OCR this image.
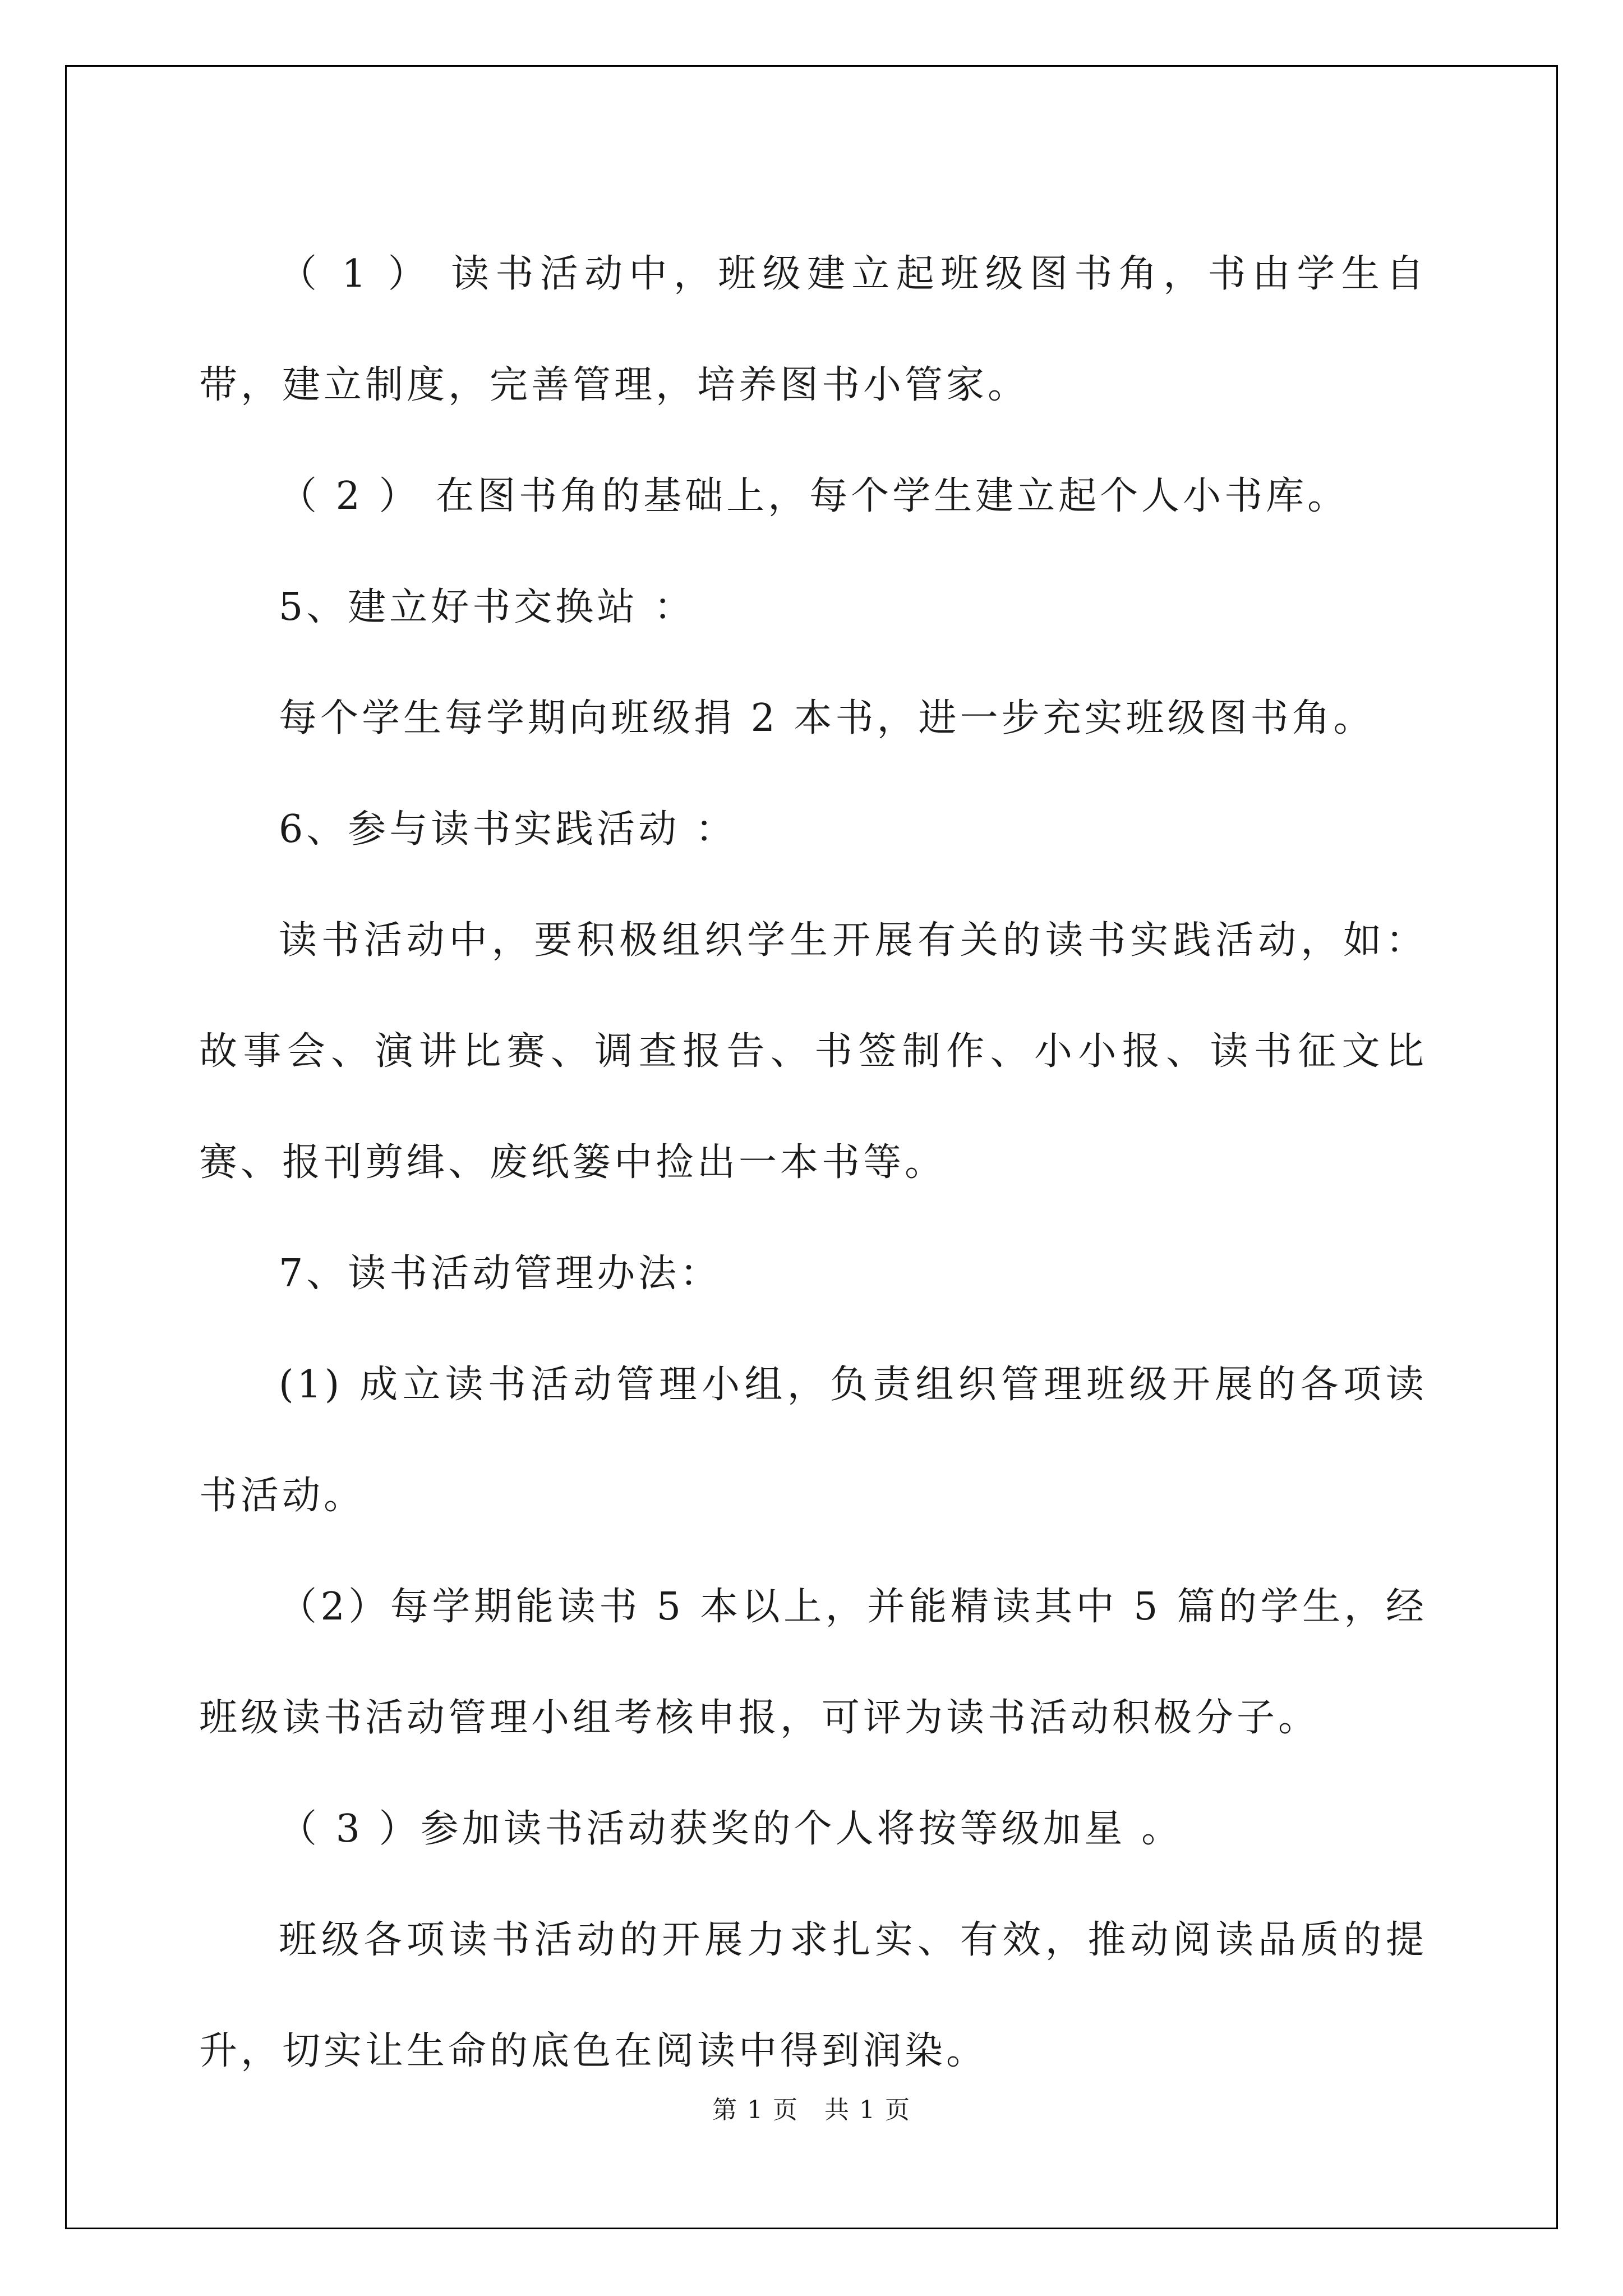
（ 1 ） 读书活动中，班级建立起班级图书角，书由学生自带，建立制度，完善管理，培养图书小管家。

（ 2 ） 在图书角的基础上，每个学生建立起个人小书库。

5、建立好书交换站 ：

每个学生每学期向班级捐 2 本书，进一步充实班级图书角。

6、参与读书实践活动 ：

读书活动中，要积极组织学生开展有关的读书实践活动，如：故事会、演讲比赛、调查报告、书签制作、小小报、读书征文比赛、报刊剪缉、废纸篓中捡出一本书等。

7、读书活动管理办法：

(1) 成立读书活动管理小组，负责组织管理班级开展的各项读书活动。

（2）每学期能读书 5 本以上，并能精读其中 5 篇的学生，经班级读书活动管理小组考核申报，可评为读书活动积极分子。

（ 3 ）参加读书活动获奖的个人将按等级加星 。

班级各项读书活动的开展力求扎实、有效，推动阅读品质的提升，切实让生命的底色在阅读中得到润染。

第 1 页　共 1 页
